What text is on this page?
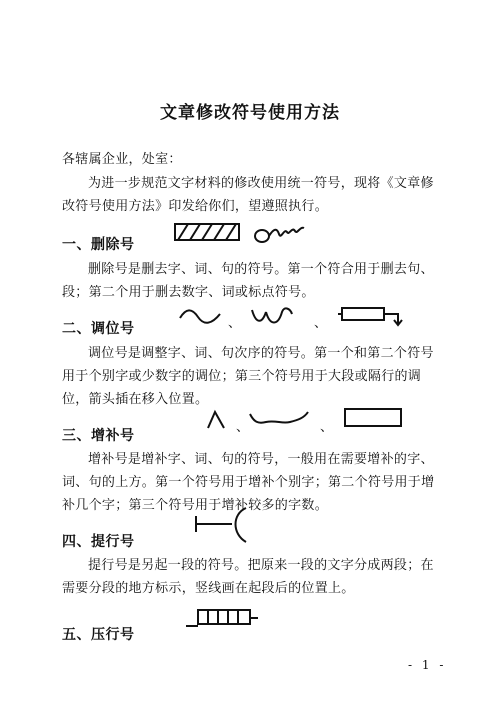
文章修改符号使用方法
各辖属企业，处室：
为进一步规范文字材料的修改使用统一符号，现将《文章修改符号使用方法》印发给你们，望遵照执行。
一、删除号
删除号是删去字、词、句的符号。第一个符合用于删去句、段；第二个用于删去数字、词或标点符号。
二、调位号	、	、
调位号是调整字、词、句次序的符号。第一个和第二个符号用于个别字或少数字的调位；第三个符号用于大段或隔行的调位，箭头插在移入位置。
三、增补号
、	、
增补号是增补字、词、句的符号，一般用在需要增补的字、词、句的上方。第一个符号用于增补个别字；第二个符号用于增补几个字；第三个符号用于增补较多的字数。
四、提行号
提行号是另起一段的符号。把原来一段的文字分成两段；在需要分段的地方标示，竖线画在起段后的位置上。
五、压行号
- 1 -
